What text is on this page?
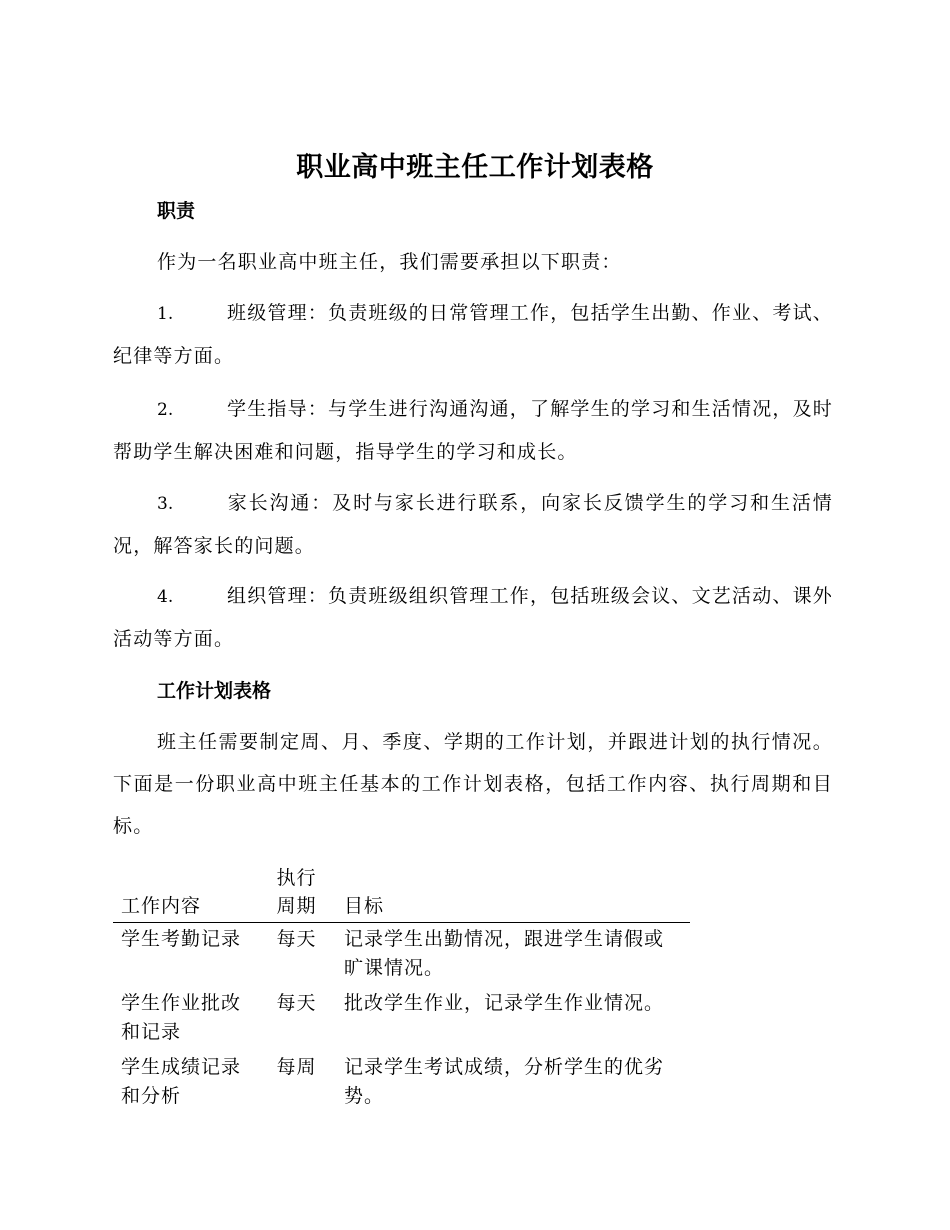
职业高中班主任工作计划表格
职责
作为一名职业高中班主任，我们需要承担以下职责：
1.	班级管理：负责班级的日常管理工作，包括学生出勤、作业、考试、纪律等方面。
2.	学生指导：与学生进行沟通沟通，了解学生的学习和生活情况，及时帮助学生解决困难和问题，指导学生的学习和成长。
3.	家长沟通：及时与家长进行联系，向家长反馈学生的学习和生活情况，解答家长的问题。
4.	组织管理：负责班级组织管理工作，包括班级会议、文艺活动、课外活动等方面。
工作计划表格
班主任需要制定周、月、季度、学期的工作计划，并跟进计划的执行情况。下面是一份职业高中班主任基本的工作计划表格，包括工作内容、执行周期和目标。
工作内容	执行周期	目标
学生考勤记录	每天	记录学生出勤情况，跟进学生请假或旷课情况。
学生作业批改和记录	每天	批改学生作业，记录学生作业情况。
学生成绩记录和分析	每周	记录学生考试成绩，分析学生的优劣势。
